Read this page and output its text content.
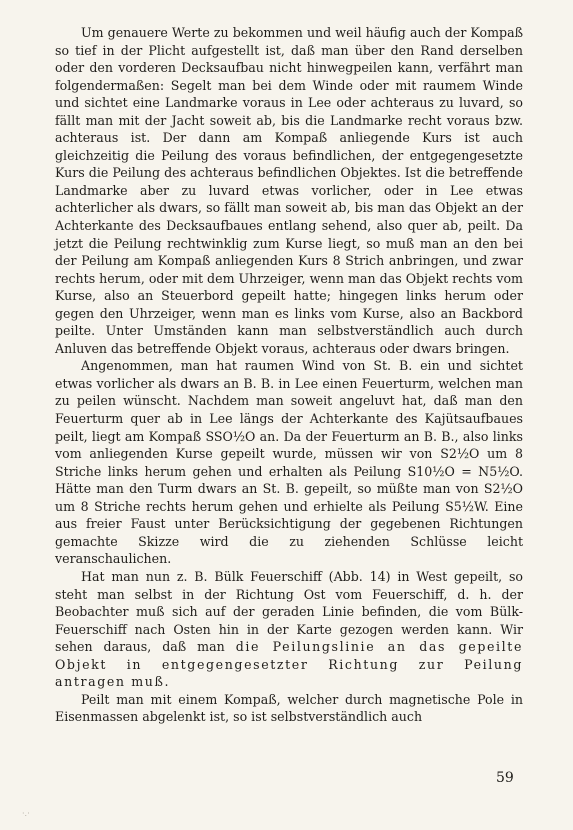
Um genauere Werte zu bekommen und weil häufig auch der Kompaß so tief in der Plicht aufgestellt ist, daß man über den Rand derselben oder den vorderen Decksaufbau nicht hinwegpeilen kann, verfährt man folgendermaßen: Segelt man bei dem Winde oder mit raumem Winde und sichtet eine Landmarke voraus in Lee oder achteraus zu luvard, so fällt man mit der Jacht soweit ab, bis die Landmarke recht voraus bzw. achteraus ist. Der dann am Kompaß anliegende Kurs ist auch gleichzeitig die Peilung des voraus befindlichen, der entgegengesetzte Kurs die Peilung des achteraus befindlichen Objektes. Ist die betreffende Landmarke aber zu luvard etwas vorlicher, oder in Lee etwas achterlicher als dwars, so fällt man soweit ab, bis man das Objekt an der Achterkante des Decksaufbaues entlang sehend, also quer ab, peilt. Da jetzt die Peilung rechtwinklig zum Kurse liegt, so muß man an den bei der Peilung am Kompaß anliegenden Kurs 8 Strich anbringen, und zwar rechts herum, oder mit dem Uhrzeiger, wenn man das Objekt rechts vom Kurse, also an Steuerbord gepeilt hatte; hingegen links herum oder gegen den Uhrzeiger, wenn man es links vom Kurse, also an Backbord peilte. Unter Umständen kann man selbstverständlich auch durch Anluven das betreffende Objekt voraus, achteraus oder dwars bringen.

Angenommen, man hat raumen Wind von St. B. ein und sichtet etwas vorlicher als dwars an B. B. in Lee einen Feuerturm, welchen man zu peilen wünscht. Nachdem man soweit angeluvt hat, daß man den Feuerturm quer ab in Lee längs der Achterkante des Kajütsaufbaues peilt, liegt am Kompaß SSO½O an. Da der Feuerturm an B. B., also links vom anliegenden Kurse gepeilt wurde, müssen wir von S2½O um 8 Striche links herum gehen und erhalten als Peilung S10½O = N5½O. Hätte man den Turm dwars an St. B. gepeilt, so müßte man von S2½O um 8 Striche rechts herum gehen und erhielte als Peilung S5½W. Eine aus freier Faust unter Berücksichtigung der gegebenen Richtungen gemachte Skizze wird die zu ziehenden Schlüsse leicht veranschaulichen.

Hat man nun z. B. Bülk Feuerschiff (Abb. 14) in West gepeilt, so steht man selbst in der Richtung Ost vom Feuerschiff, d. h. der Beobachter muß sich auf der geraden Linie befinden, die vom Bülk-Feuerschiff nach Osten hin in der Karte gezogen werden kann. Wir sehen daraus, daß man die Peilungslinie an das gepeilte Objekt in entgegengesetzter Richtung zur Peilung antragen muß.

Peilt man mit einem Kompaß, welcher durch magnetische Pole in Eisenmassen abgelenkt ist, so ist selbstverständlich auch

59
·.·
